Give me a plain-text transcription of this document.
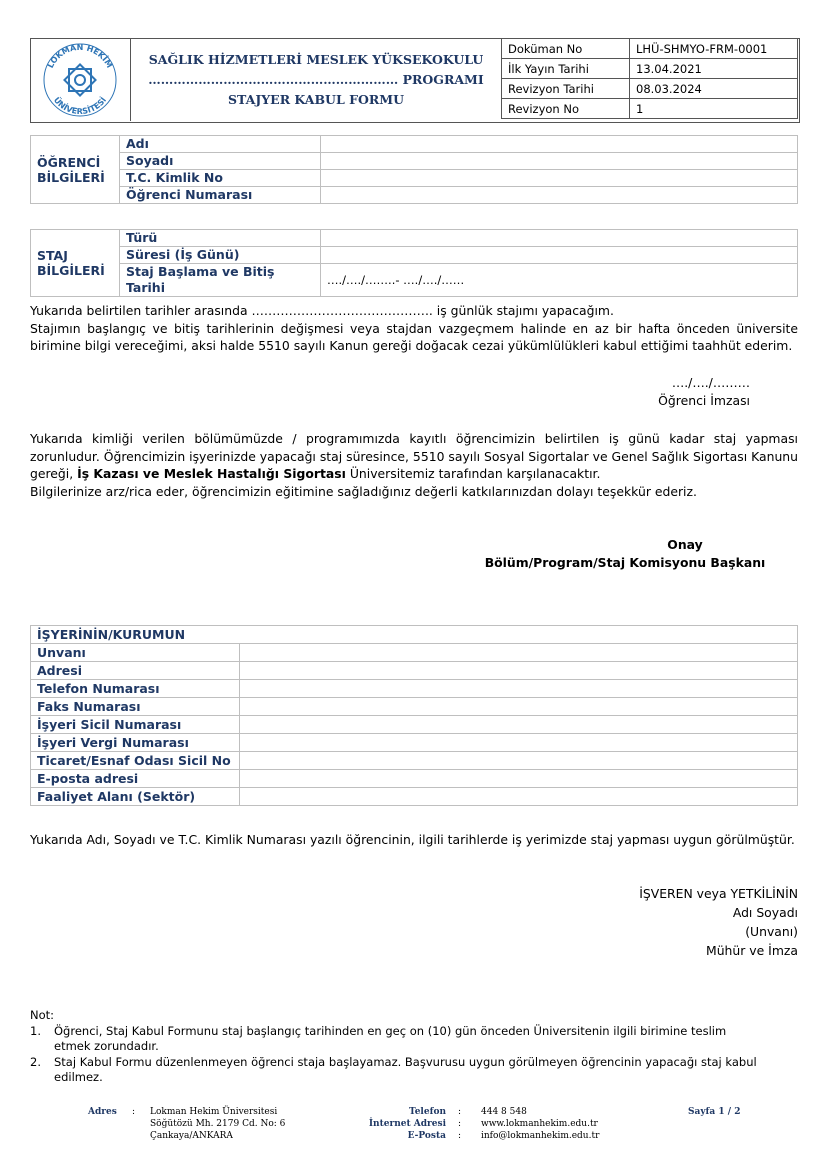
LOKMAN HEKİM
ÜNİVERSİTESİ
SAĞLIK HİZMETLERİ MESLEK YÜKSEKOKULU
…………………………………………………… PROGRAMI
STAJYER KABUL FORMU
Doküman No	LHÜ-SHMYO-FRM-0001
İlk Yayın Tarihi	13.04.2021
Revizyon Tarihi	08.03.2024
Revizyon No	1
ÖĞRENCİ BİLGİLERİ	Adı	
	Soyadı	
	T.C. Kimlik No	
	Öğrenci Numarası	
STAJ BİLGİLERİ	Türü	
	Süresi (İş Günü)	
	Staj Başlama ve Bitiş Tarihi	…./…./……..- …./…./……
Yukarıda belirtilen tarihler arasında …………………………………….. iş günlük stajımı yapacağım.
Stajımın başlangıç ve bitiş tarihlerinin değişmesi veya stajdan vazgeçmem halinde en az bir hafta önceden üniversite birimine bilgi vereceğimi, aksi halde 5510 sayılı Kanun gereği doğacak cezai yükümlülükleri kabul ettiğimi taahhüt ederim.
…./…./………
Öğrenci İmzası
Yukarıda kimliği verilen bölümümüzde / programımızda kayıtlı öğrencimizin belirtilen iş günü kadar staj yapması zorunludur. Öğrencimizin işyerinizde yapacağı staj süresince, 5510 sayılı Sosyal Sigortalar ve Genel Sağlık Sigortası Kanunu gereği, İş Kazası ve Meslek Hastalığı Sigortası Üniversitemiz tarafından karşılanacaktır.
Bilgilerinize arz/rica eder, öğrencimizin eğitimine sağladığınız değerli katkılarınızdan dolayı teşekkür ederiz.
Onay
Bölüm/Program/Staj Komisyonu Başkanı
İŞYERİNİN/KURUMUN	
Unvanı	
Adresi	
Telefon Numarası	
Faks Numarası	
İşyeri Sicil Numarası	
İşyeri Vergi Numarası	
Ticaret/Esnaf Odası Sicil No	
E-posta adresi	
Faaliyet Alanı (Sektör)	
Yukarıda Adı, Soyadı ve T.C. Kimlik Numarası yazılı öğrencinin, ilgili tarihlerde iş yerimizde staj yapması uygun görülmüştür.
İŞVEREN veya YETKİLİNİN
Adı Soyadı
(Unvanı)
Mühür ve İmza
Not:
1.	Öğrenci, Staj Kabul Formunu staj başlangıç tarihinden en geç on (10) gün önceden Üniversitenin ilgili birimine teslim etmek zorundadır.
2.	Staj Kabul Formu düzenlenmeyen öğrenci staja başlayamaz. Başvurusu uygun görülmeyen öğrencinin yapacağı staj kabul edilmez.
Adres : Lokman Hekim Üniversitesi
Söğütözü Mh. 2179 Cd. No: 6
Çankaya/ANKARA
Telefon
İnternet Adresi
E-Posta
:
:
:
444 8 548
www.lokmanhekim.edu.tr
info@lokmanhekim.edu.tr
Sayfa 1 / 2
